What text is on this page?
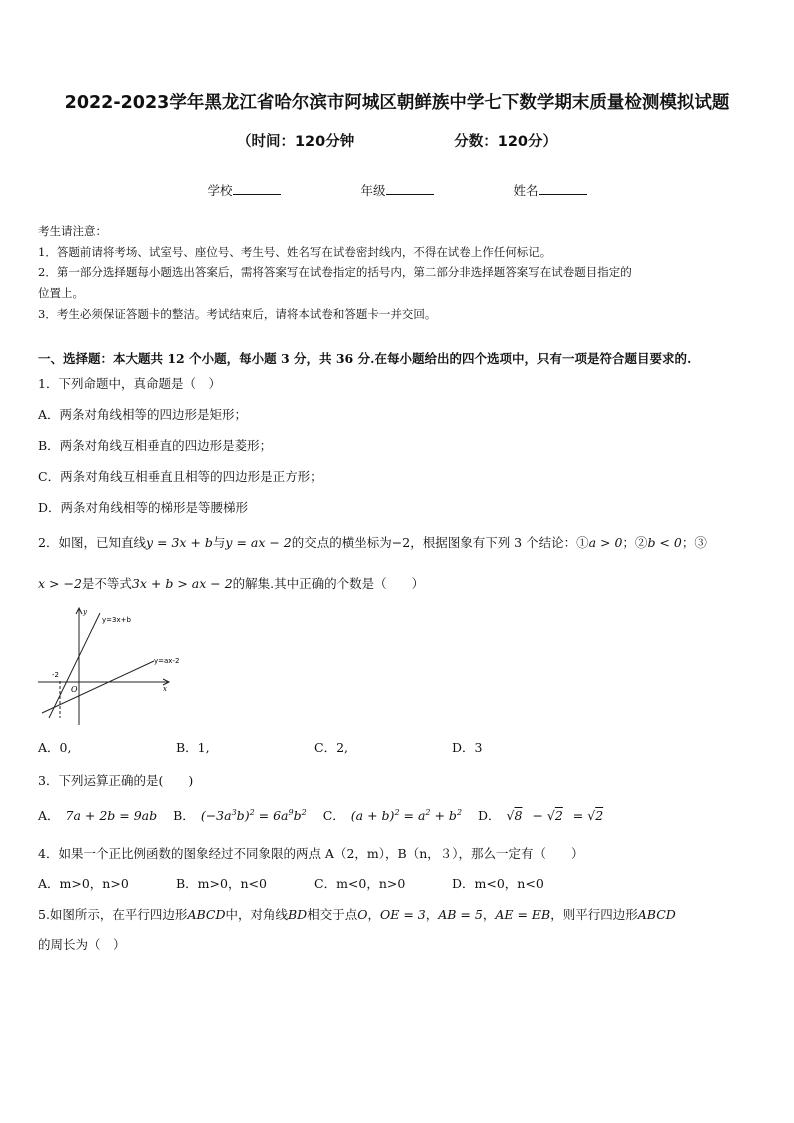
2022-2023学年黑龙江省哈尔滨市阿城区朝鲜族中学七下数学期末质量检测模拟试题
（时间：120分钟	分数：120分）
学校	年级	姓名
考生请注意：
1．答题前请将考场、试室号、座位号、考生号、姓名写在试卷密封线内，不得在试卷上作任何标记。
2．第一部分选择题每小题选出答案后，需将答案写在试卷指定的括号内，第二部分非选择题答案写在试卷题目指定的
位置上。
3．考生必须保证答题卡的整洁。考试结束后，请将本试卷和答题卡一并交回。
一、选择题：本大题共 12 个小题，每小题 3 分，共 36 分.在每小题给出的四个选项中，只有一项是符合题目要求的.
1．下列命题中，真命题是（　）
A．两条对角线相等的四边形是矩形；
B．两条对角线互相垂直的四边形是菱形；
C．两条对角线互相垂直且相等的四边形是正方形；
D．两条对角线相等的梯形是等腰梯形
2．如图，已知直线y = 3x + b与y = ax − 2的交点的横坐标为−2，根据图象有下列 3 个结论：①a > 0；②b < 0；③
x > −2是不等式3x + b > ax − 2的解集.其中正确的个数是（　　）
y=3x+b
y=ax-2
y
x
O
-2
A．0,	B．1,	C．2,	D．3
3．下列运算正确的是(　　)
A． 7a + 2b = 9ab B． $(-3a^3b)^2 = 6a^9b^2$ C． $(a + b)^2 = a^2 + b^2$ D． √8 − √2 = √2
4．如果一个正比例函数的图象经过不同象限的两点 A（2，m），B（n，３），那么一定有（　　）
A．m>0，n>0	B．m>0，n<0	C．m<0，n>0	D．m<0，n<0
5.如图所示，在平行四边形ABCD中，对角线BD相交于点O，OE = 3，AB = 5，AE = EB，则平行四边形ABCD
的周长为（　）
